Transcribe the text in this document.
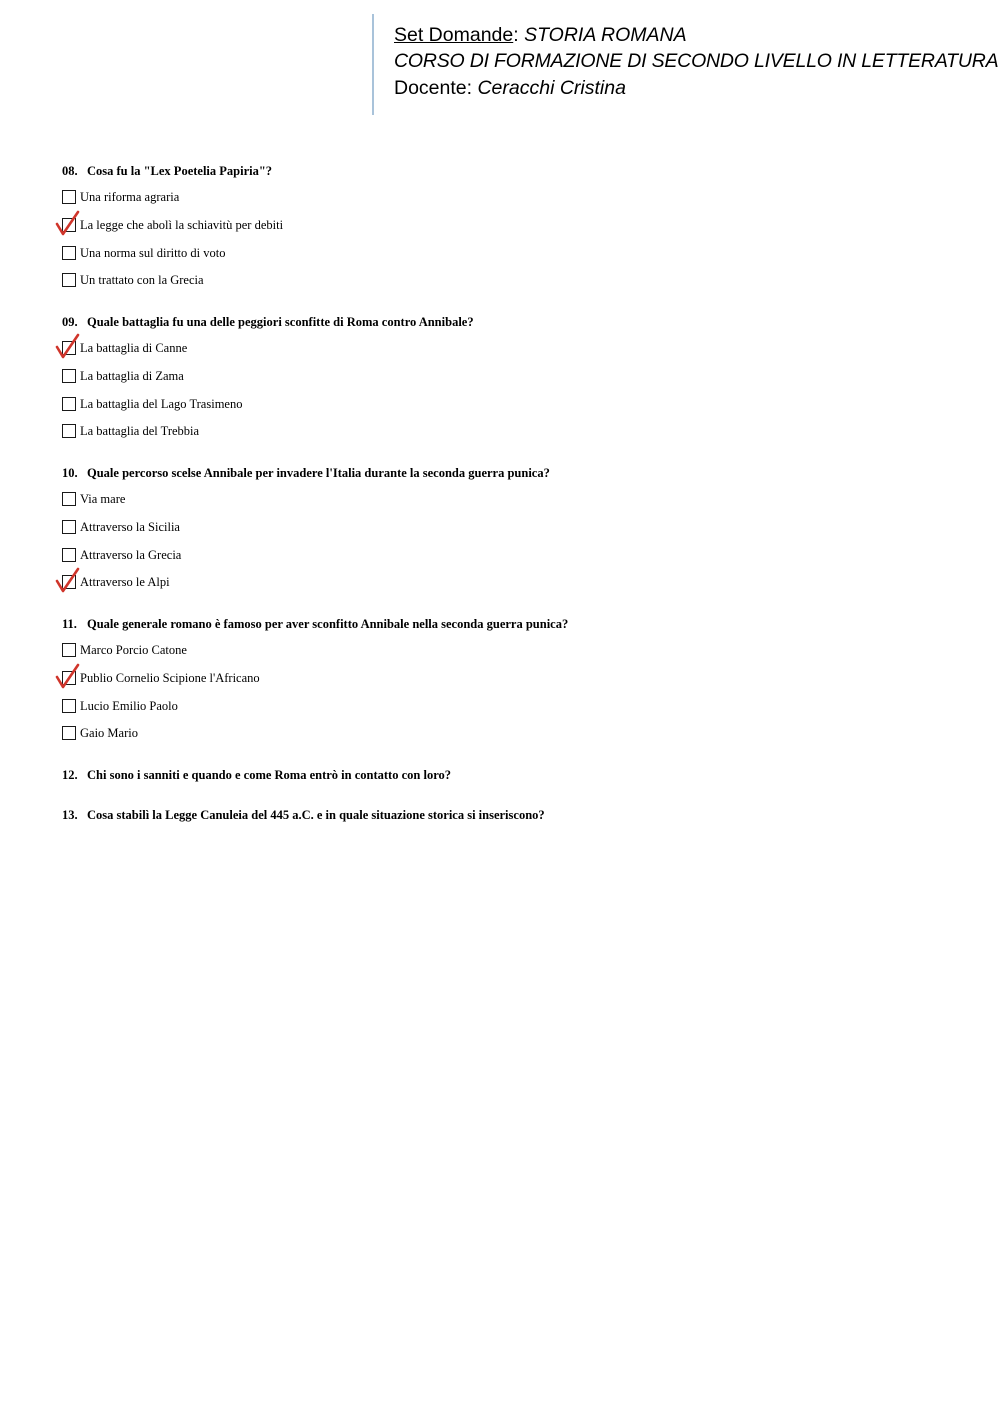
Set Domande: STORIA ROMANA
CORSO DI FORMAZIONE DI SECONDO LIVELLO IN LETTERATURA
Docente: Ceracchi Cristina
08. Cosa fu la "Lex Poetelia Papiria"?
Una riforma agraria
La legge che abolì la schiavitù per debiti
Una norma sul diritto di voto
Un trattato con la Grecia
09. Quale battaglia fu una delle peggiori sconfitte di Roma contro Annibale?
La battaglia di Canne
La battaglia di Zama
La battaglia del Lago Trasimeno
La battaglia del Trebbia
10. Quale percorso scelse Annibale per invadere l'Italia durante la seconda guerra punica?
Via mare
Attraverso la Sicilia
Attraverso la Grecia
Attraverso le Alpi
11. Quale generale romano è famoso per aver sconfitto Annibale nella seconda guerra punica?
Marco Porcio Catone
Publio Cornelio Scipione l'Africano
Lucio Emilio Paolo
Gaio Mario
12. Chi sono i sanniti e quando e come Roma entrò in contatto con loro?
13. Cosa stabilì la Legge Canuleia del 445 a.C. e in quale situazione storica si inseriscono?
